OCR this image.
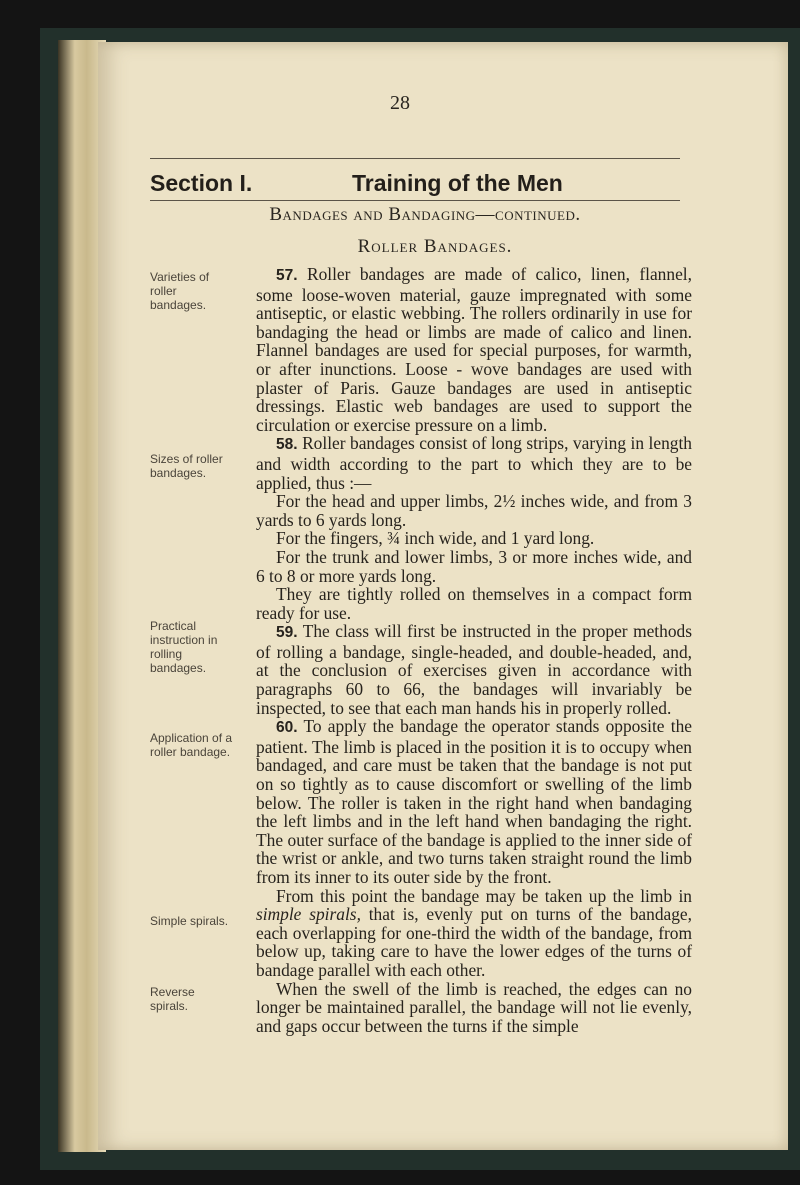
28
Section I.	Training of the Men
Bandages and Bandaging—continued.
Roller Bandages.
Varieties of roller bandages.
Sizes of roller bandages.
Practical instruction in rolling bandages.
Application of a roller bandage.
Simple spirals.
Reverse spirals.

57. Roller bandages are made of calico, linen, flannel, some loose-woven material, gauze impregnated with some antiseptic, or elastic webbing. The rollers ordinarily in use for bandaging the head or limbs are made of calico and linen. Flannel bandages are used for special purposes, for warmth, or after inunctions. Loose - wove bandages are used with plaster of Paris. Gauze bandages are used in antiseptic dressings. Elastic web bandages are used to support the circulation or exercise pressure on a limb.

58. Roller bandages consist of long strips, varying in length and width according to the part to which they are to be applied, thus :—

For the head and upper limbs, 2½ inches wide, and from 3 yards to 6 yards long.

For the fingers, ¾ inch wide, and 1 yard long.

For the trunk and lower limbs, 3 or more inches wide, and 6 to 8 or more yards long.

They are tightly rolled on themselves in a compact form ready for use.

59. The class will first be instructed in the proper methods of rolling a bandage, single-headed, and double-headed, and, at the conclusion of exercises given in accordance with paragraphs 60 to 66, the bandages will invariably be inspected, to see that each man hands his in properly rolled.

60. To apply the bandage the operator stands opposite the patient. The limb is placed in the position it is to occupy when bandaged, and care must be taken that the bandage is not put on so tightly as to cause discomfort or swelling of the limb below. The roller is taken in the right hand when bandaging the left limbs and in the left hand when bandaging the right. The outer surface of the bandage is applied to the inner side of the wrist or ankle, and two turns taken straight round the limb from its inner to its outer side by the front.

From this point the bandage may be taken up the limb in simple spirals, that is, evenly put on turns of the bandage, each overlapping for one-third the width of the bandage, from below up, taking care to have the lower edges of the turns of bandage parallel with each other.

When the swell of the limb is reached, the edges can no longer be maintained parallel, the bandage will not lie evenly, and gaps occur between the turns if the simple
